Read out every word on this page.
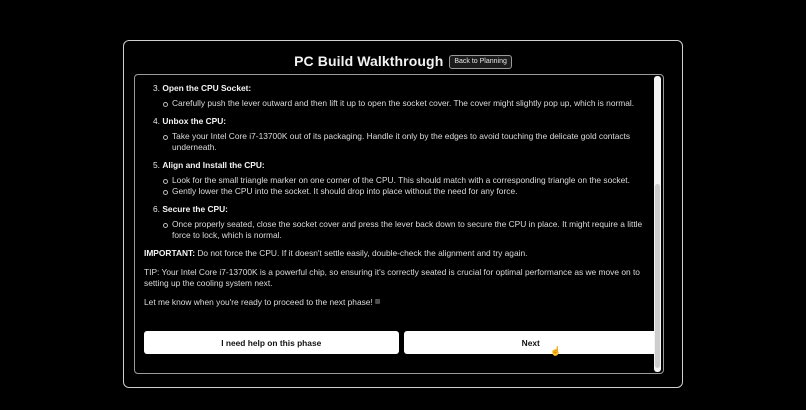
PC Build Walkthrough	Back to Planning
3. Open the CPU Socket:
Carefully push the lever outward and then lift it up to open the socket cover. The cover might slightly pop up, which is normal.
4. Unbox the CPU:
Take your Intel Core i7-13700K out of its packaging. Handle it only by the edges to avoid touching the delicate gold contacts underneath.
5. Align and Install the CPU:
Look for the small triangle marker on one corner of the CPU. This should match with a corresponding triangle on the socket.
Gently lower the CPU into the socket. It should drop into place without the need for any force.
6. Secure the CPU:
Once properly seated, close the socket cover and press the lever back down to secure the CPU in place. It might require a little force to lock, which is normal.

IMPORTANT: Do not force the CPU. If it doesn't settle easily, double-check the alignment and try again.

TIP: Your Intel Core i7-13700K is a powerful chip, so ensuring it's correctly seated is crucial for optimal performance as we move on to setting up the cooling system next.

Let me know when you're ready to proceed to the next phase! ▩

I need help on this phase	Next
☝
